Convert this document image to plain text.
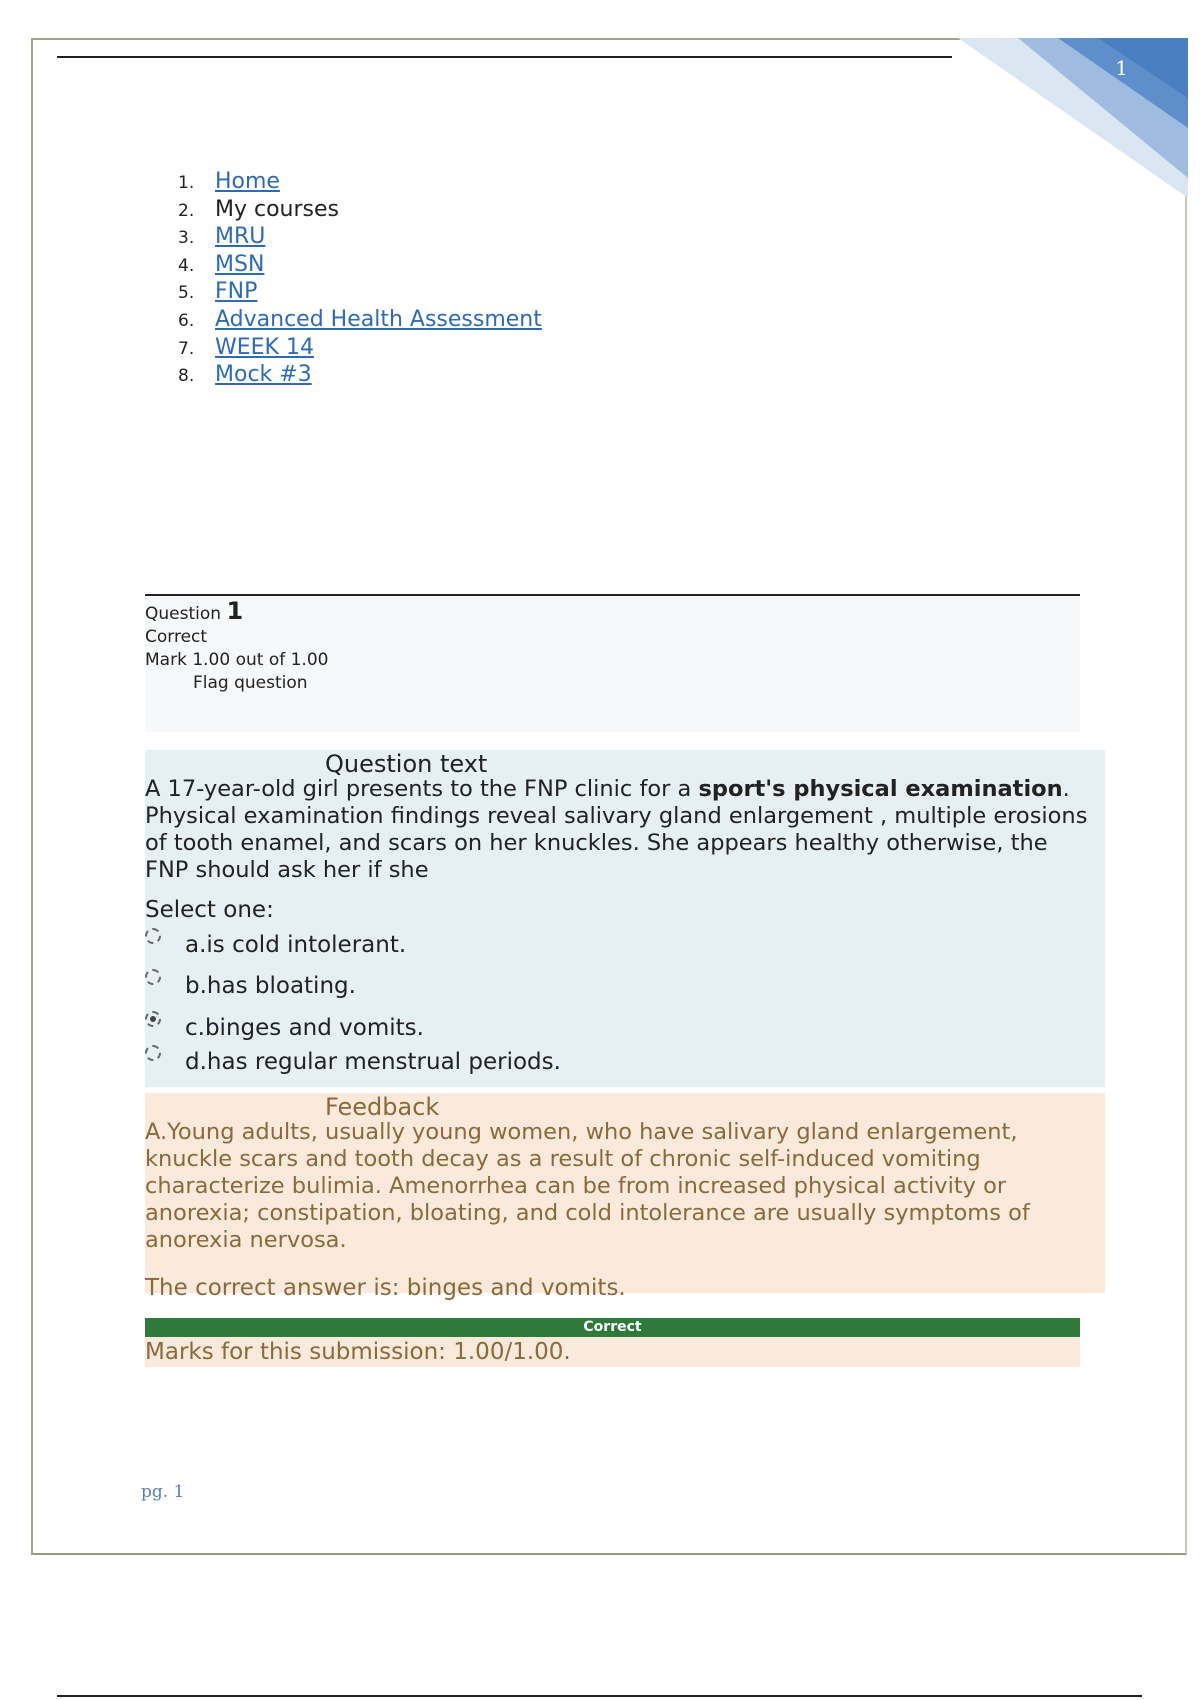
1
1. Home
2. My courses
3. MRU
4. MSN
5. FNP
6. Advanced Health Assessment
7. WEEK 14
8. Mock #3
Question 1
Correct
Mark 1.00 out of 1.00
Flag question
Question text
A 17-year-old girl presents to the FNP clinic for a sport's physical examination. Physical examination findings reveal salivary gland enlargement , multiple erosions of tooth enamel, and scars on her knuckles. She appears healthy otherwise, the FNP should ask her if she
Select one:
a.is cold intolerant.
b.has bloating.
c.binges and vomits.
d.has regular menstrual periods.
Feedback
A.Young adults, usually young women, who have salivary gland enlargement, knuckle scars and tooth decay as a result of chronic self-induced vomiting characterize bulimia. Amenorrhea can be from increased physical activity or anorexia; constipation, bloating, and cold intolerance are usually symptoms of anorexia nervosa.
The correct answer is: binges and vomits.
Correct
Marks for this submission: 1.00/1.00.
pg. 1
